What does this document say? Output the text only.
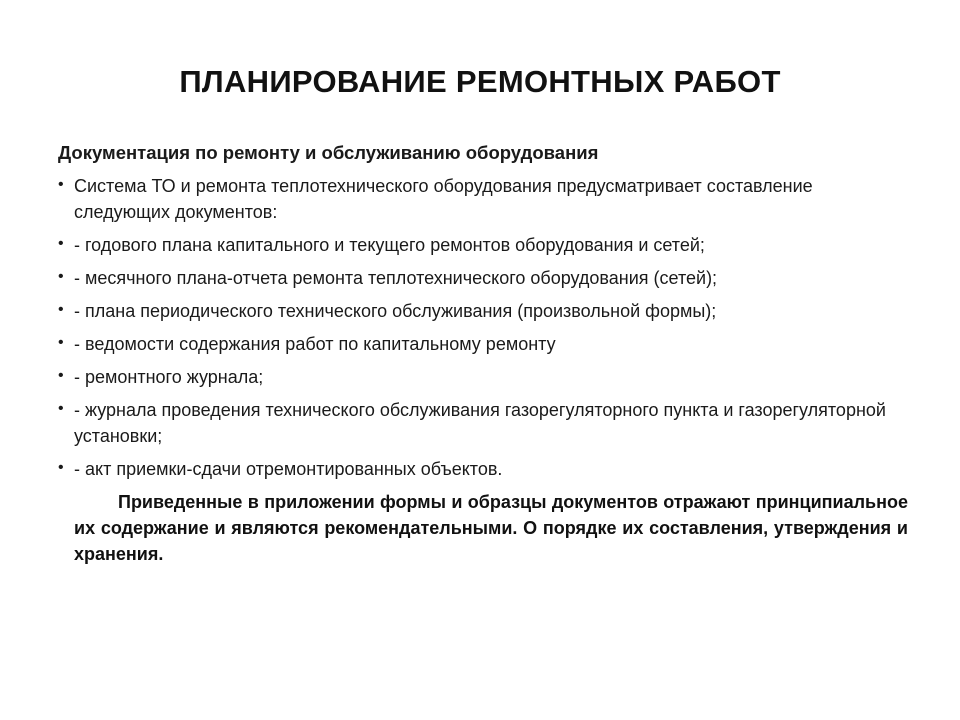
ПЛАНИРОВАНИЕ РЕМОНТНЫХ РАБОТ
Документация по ремонту и обслуживанию оборудования
• Система ТО и ремонта теплотехнического оборудования предусматривает составление следующих документов:
• - годового плана капитального и текущего ремонтов оборудования и сетей;
• - месячного плана-отчета ремонта теплотехнического оборудования (сетей);
• - плана периодического технического обслуживания (произвольной формы);
• - ведомости содержания работ по капитальному ремонту
• - ремонтного журнала;
• - журнала проведения технического обслуживания газорегуляторного пункта и газорегуляторной установки;
• - акт приемки-сдачи отремонтированных объектов.
Приведенные в приложении формы и образцы документов отражают принципиальное их содержание и являются рекомендательными. О порядке их составления, утверждения и хранения.
